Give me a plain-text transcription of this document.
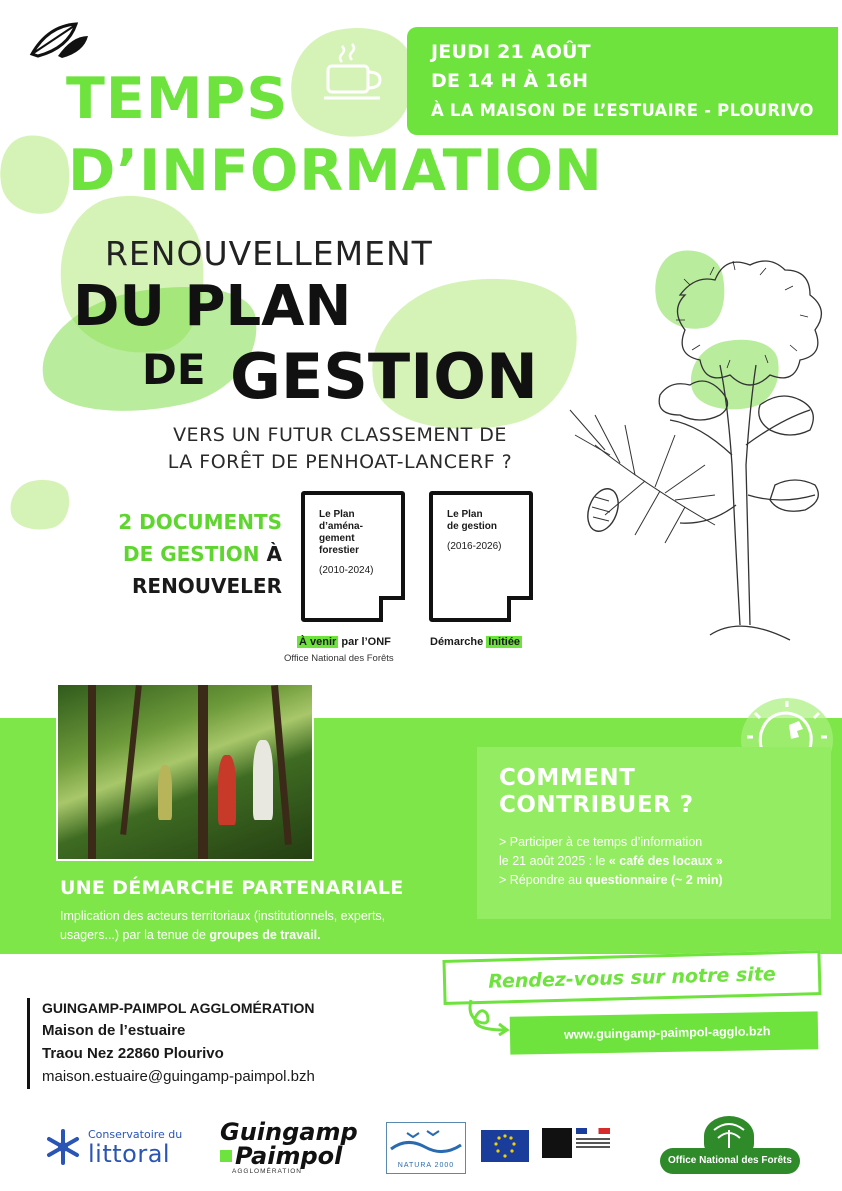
JEUDI 21 AOÛT
DE 14 H À 16H
À LA MAISON DE L’ESTUAIRE - PLOURIVO
TEMPS
D’INFORMATION
RENOUVELLEMENT
DU PLAN
DE GESTION
VERS UN FUTUR CLASSEMENT DE
LA FORÊT DE PENHOAT-LANCERF ?
2 DOCUMENTS
DE GESTION À
RENOUVELER
Le Plan
d’aména-
gement
forestier
(2010-2024)
À venir par l’ONF
Office National des Forêts
Le Plan
de gestion
(2016-2026)
Démarche Initiée
COMMENT
CONTRIBUER ?

> Participer à ce temps d’information

le 21 août 2025 : le « café des locaux »

> Répondre au questionnaire (~ 2 min)

UNE DÉMARCHE PARTENARIALE

Implication des acteurs territoriaux (institutionnels, experts,

usagers...) par la tenue de groupes de travail.

Rendez-vous sur notre site
www.guingamp-paimpol-agglo.bzh
GUINGAMP-PAIMPOL AGGLOMÉRATION
Maison de l’estuaire
Traou Nez 22860 Plourivo
maison.estuaire@guingamp-paimpol.bzh
Conservatoire du
littoral
Guingamp
Paimpol
AGGLOMÉRATION
NATURA 2000
	Office National des Forêts
